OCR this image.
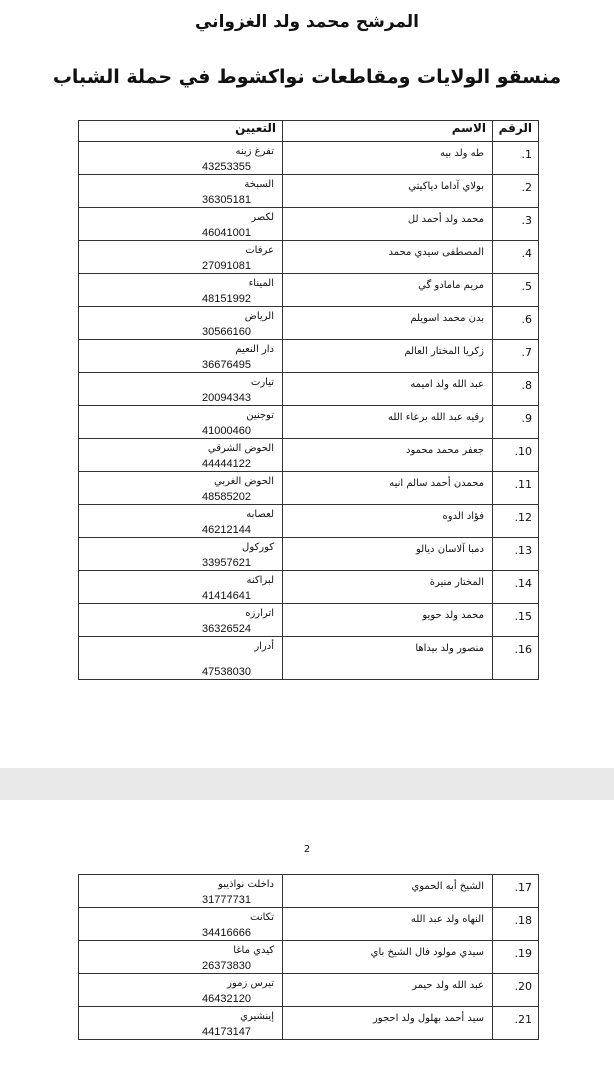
المرشح محمد ولد الغزواني
منسقو الولايات ومقاطعات نواكشوط في حملة الشباب
الرقم	الاسم	التعيين

1.	طه ولد بيه	تفرغ زينه
43253355

2.	بولاي آداما دياكيتي	السبخة
36305181

3.	محمد ولد أحمد لل	لكصر
46041001

4.	المصطفى سيدي محمد	عرفات
27091081

5.	مريم مامادو گي	الميناء
48151992

6.	بدن محمد اسويلم	الرياض
30566160

7.	زكريا المختار العالم	دار النعيم
36676495

8.	عبد الله ولد اميمه	تيارت
20094343

9.	رقيه عبد الله برعاء الله	توجنين
41000460

10.	جعفر محمد محمود	الحوض الشرقي
44444122

11.	محمدن أحمد سالم انيه	الحوض الغربي
48585202

12.	فؤاد الدوه	لعصابه
46212144

13.	دمبا آلاسان ديالو	كوركول
33957621

14.	المختار منيرة	لبراكنه
41414641

15.	محمد ولد حويو	اترارزه
36326524

16.	منصور ولد بيداها	أدرار
47538030
2
17.	الشيخ أبه الحموي	داخلت نواذيبو
31777731

18.	النهاه ولد عبد الله	تكانت
34416666

19.	سيدي مولود فال الشيخ باي	كيدي ماغا
26373830

20.	عبد الله ولد حيمر	تيرس زمور
46432120

21.	سيد أحمد بهلول ولد احجور	إينشيري
44173147
